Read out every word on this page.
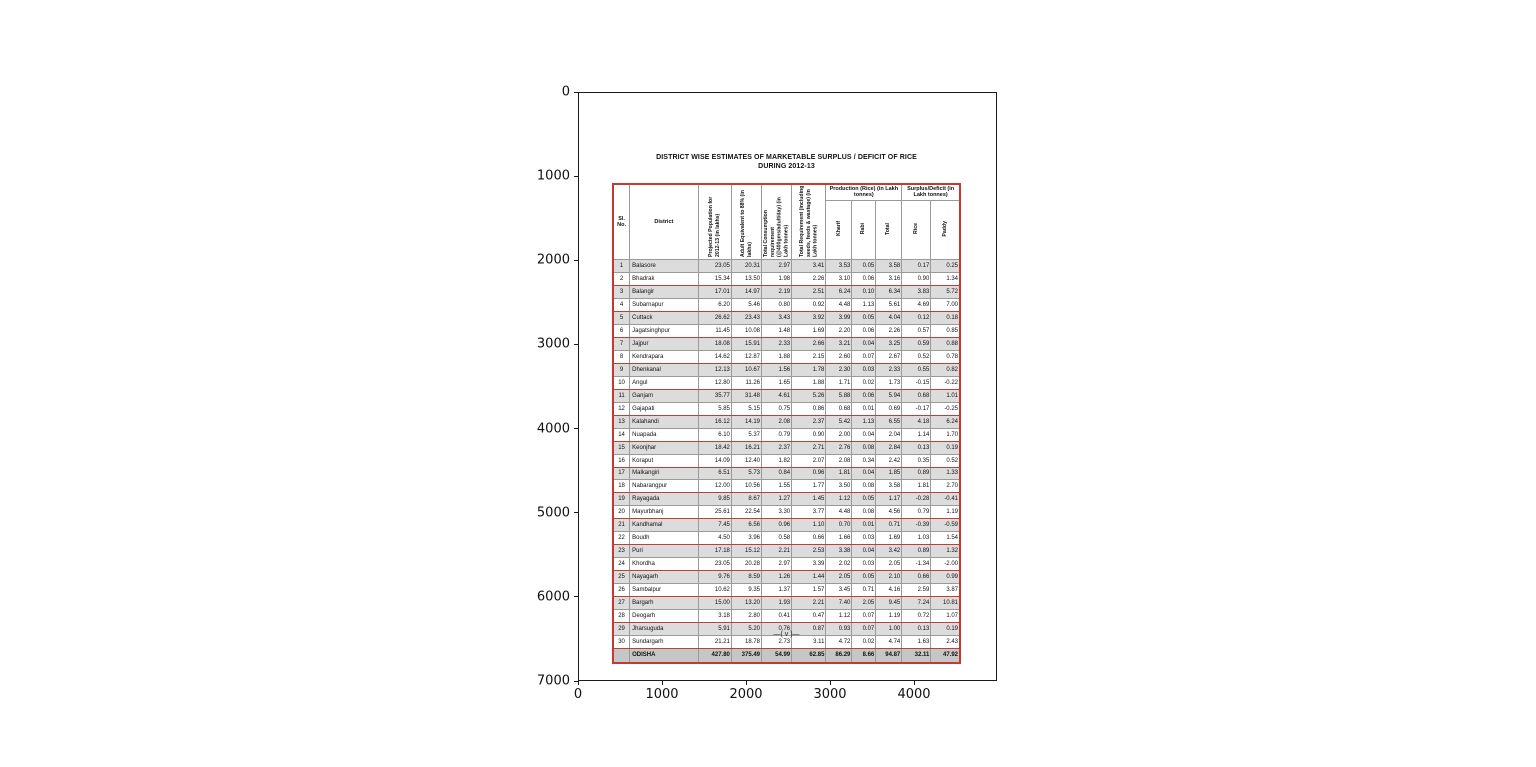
DISTRICT WISE ESTIMATES OF MARKETABLE SURPLUS / DEFICIT OF RICE
DURING 2012-13
Sl. No.	District	Projected Population for 2012-13 (in lakhs)	Adult Equivalent to 88% (in lakhs)	Total Consumption requirement (@400gms/adult/day) (in Lakh tonnes)	Total Requirement (including seeds, feeds & wastage) (in Lakh tonnes)	Production (Rice) (in Lakh tonnes)			Surplus/Deficit (in Lakh tonnes)	
						Kharif	Rabi	Total	Rice	Paddy
1	Balasore	23.05	20.31	2.97	3.41	3.53	0.05	3.58	0.17	0.25
2	Bhadrak	15.34	13.50	1.98	2.26	3.10	0.06	3.16	0.90	1.34
3	Balangir	17.01	14.97	2.19	2.51	6.24	0.10	6.34	3.83	5.72
4	Subarnapur	6.20	5.46	0.80	0.92	4.48	1.13	5.61	4.69	7.00
5	Cuttack	26.62	23.43	3.43	3.92	3.99	0.05	4.04	0.12	0.18
6	Jagatsinghpur	11.45	10.08	1.48	1.69	2.20	0.06	2.26	0.57	0.85
7	Jajpur	18.08	15.91	2.33	2.66	3.21	0.04	3.25	0.59	0.88
8	Kendrapara	14.62	12.87	1.88	2.15	2.60	0.07	2.67	0.52	0.78
9	Dhenkanal	12.13	10.67	1.56	1.78	2.30	0.03	2.33	0.55	0.82
10	Angul	12.80	11.26	1.65	1.88	1.71	0.02	1.73	-0.15	-0.22
11	Ganjam	35.77	31.48	4.61	5.26	5.88	0.06	5.94	0.68	1.01
12	Gajapati	5.85	5.15	0.75	0.86	0.68	0.01	0.69	-0.17	-0.25
13	Kalahandi	16.12	14.19	2.08	2.37	5.42	1.13	6.55	4.18	6.24
14	Nuapada	6.10	5.37	0.79	0.90	2.00	0.04	2.04	1.14	1.70
15	Keonjhar	18.42	16.21	2.37	2.71	2.76	0.08	2.84	0.13	0.19
16	Koraput	14.09	12.40	1.82	2.07	2.08	0.34	2.42	0.35	0.52
17	Malkangiri	6.51	5.73	0.84	0.96	1.81	0.04	1.85	0.89	1.33
18	Nabarangpur	12.00	10.56	1.55	1.77	3.50	0.08	3.58	1.81	2.70
19	Rayagada	9.85	8.67	1.27	1.45	1.12	0.05	1.17	-0.28	-0.41
20	Mayurbhanj	25.61	22.54	3.30	3.77	4.48	0.08	4.56	0.79	1.19
21	Kandhamal	7.45	6.56	0.96	1.10	0.70	0.01	0.71	-0.39	-0.59
22	Boudh	4.50	3.96	0.58	0.66	1.66	0.03	1.69	1.03	1.54
23	Puri	17.18	15.12	2.21	2.53	3.38	0.04	3.42	0.89	1.32
24	Khordha	23.05	20.28	2.97	3.39	2.02	0.03	2.05	-1.34	-2.00
25	Nayagarh	9.76	8.59	1.26	1.44	2.05	0.05	2.10	0.66	0.99
26	Sambalpur	10.62	9.35	1.37	1.57	3.45	0.71	4.16	2.59	3.87
27	Bargarh	15.00	13.20	1.93	2.21	7.40	2.05	9.45	7.24	10.81
28	Deogarh	3.18	2.80	0.41	0.47	1.12	0.07	1.19	0.72	1.07
29	Jharsuguda	5.91	5.20	0.76	0.87	0.93	0.07	1.00	0.13	0.19
30	Sundargarh	21.21	18.78	2.73	3.11	4.72	0.02	4.74	1.63	2.43
	ODISHA	427.80	375.49	54.99	62.85	86.29	8.66	94.87	32.11	47.92
—( v )—
0	1000	2000	3000	4000
0
1000
2000
3000
4000
5000
6000
7000
